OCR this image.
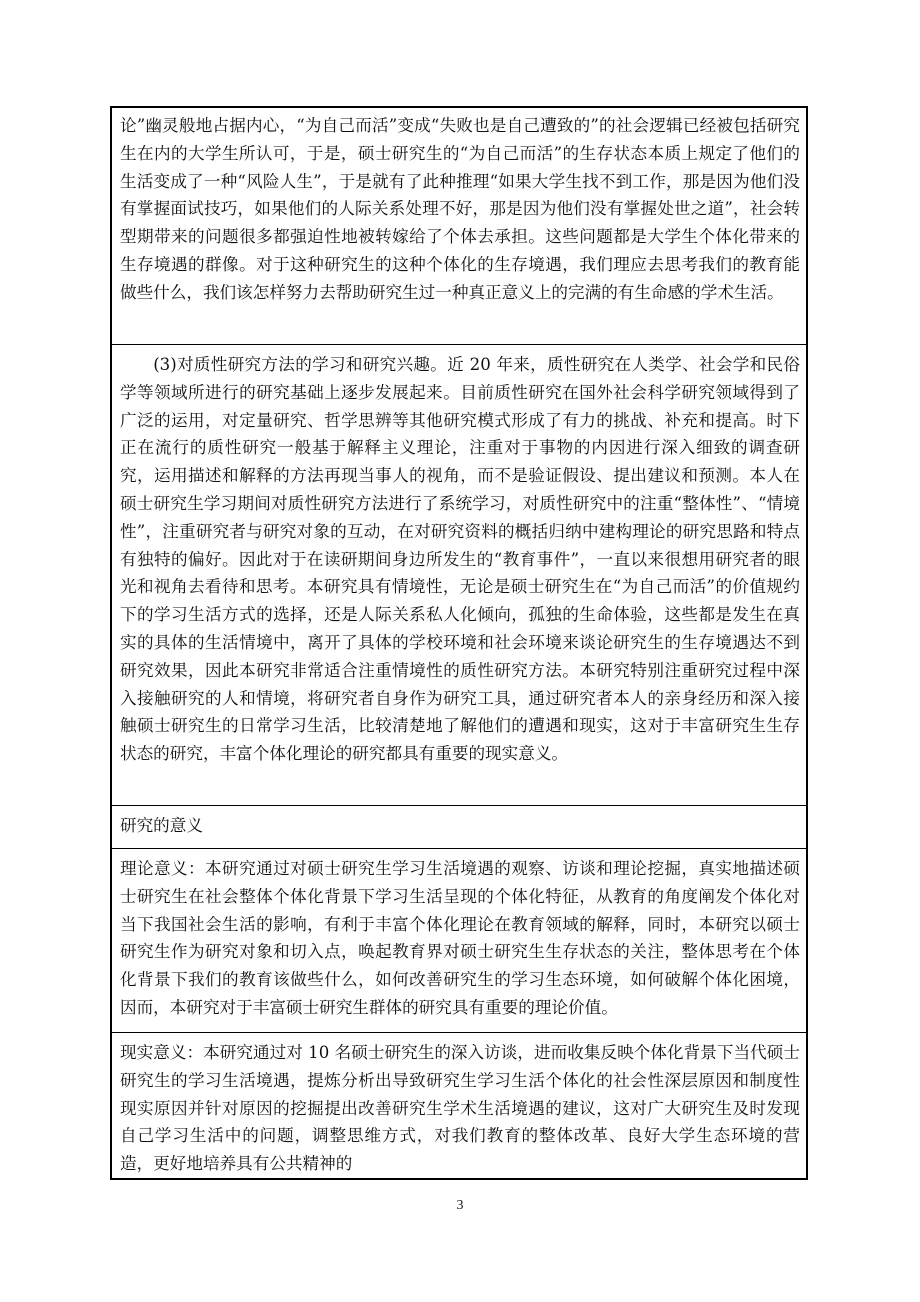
论”幽灵般地占据内心，“为自己而活”变成“失败也是自己遭致的”的社会逻辑已经被包括研究生在内的大学生所认可，于是，硕士研究生的“为自己而活”的生存状态本质上规定了他们的生活变成了一种“风险人生”，于是就有了此种推理“如果大学生找不到工作，那是因为他们没有掌握面试技巧，如果他们的人际关系处理不好，那是因为他们没有掌握处世之道”，社会转型期带来的问题很多都强迫性地被转嫁给了个体去承担。这些问题都是大学生个体化带来的生存境遇的群像。对于这种研究生的这种个体化的生存境遇，我们理应去思考我们的教育能做些什么，我们该怎样努力去帮助研究生过一种真正意义上的完满的有生命感的学术生活。

(3)对质性研究方法的学习和研究兴趣。近 20 年来，质性研究在人类学、社会学和民俗学等领域所进行的研究基础上逐步发展起来。目前质性研究在国外社会科学研究领域得到了广泛的运用，对定量研究、哲学思辨等其他研究模式形成了有力的挑战、补充和提高。时下正在流行的质性研究一般基于解释主义理论，注重对于事物的内因进行深入细致的调查研究，运用描述和解释的方法再现当事人的视角，而不是验证假设、提出建议和预测。本人在硕士研究生学习期间对质性研究方法进行了系统学习，对质性研究中的注重“整体性”、“情境性”，注重研究者与研究对象的互动，在对研究资料的概括归纳中建构理论的研究思路和特点有独特的偏好。因此对于在读研期间身边所发生的“教育事件”，一直以来很想用研究者的眼光和视角去看待和思考。本研究具有情境性，无论是硕士研究生在“为自己而活”的价值规约下的学习生活方式的选择，还是人际关系私人化倾向，孤独的生命体验，这些都是发生在真实的具体的生活情境中，离开了具体的学校环境和社会环境来谈论研究生的生存境遇达不到研究效果，因此本研究非常适合注重情境性的质性研究方法。本研究特别注重研究过程中深入接触研究的人和情境，将研究者自身作为研究工具，通过研究者本人的亲身经历和深入接触硕士研究生的日常学习生活，比较清楚地了解他们的遭遇和现实，这对于丰富研究生生存状态的研究，丰富个体化理论的研究都具有重要的现实意义。

研究的意义

理论意义：本研究通过对硕士研究生学习生活境遇的观察、访谈和理论挖掘，真实地描述硕士研究生在社会整体个体化背景下学习生活呈现的个体化特征，从教育的角度阐发个体化对当下我国社会生活的影响，有利于丰富个体化理论在教育领域的解释，同时，本研究以硕士研究生作为研究对象和切入点，唤起教育界对硕士研究生生存状态的关注，整体思考在个体化背景下我们的教育该做些什么，如何改善研究生的学习生态环境，如何破解个体化困境，因而，本研究对于丰富硕士研究生群体的研究具有重要的理论价值。

现实意义：本研究通过对 10 名硕士研究生的深入访谈，进而收集反映个体化背景下当代硕士研究生的学习生活境遇，提炼分析出导致研究生学习生活个体化的社会性深层原因和制度性现实原因并针对原因的挖掘提出改善研究生学术生活境遇的建议，这对广大研究生及时发现自己学习生活中的问题，调整思维方式，对我们教育的整体改革、良好大学生态环境的营造，更好地培养具有公共精神的

3
